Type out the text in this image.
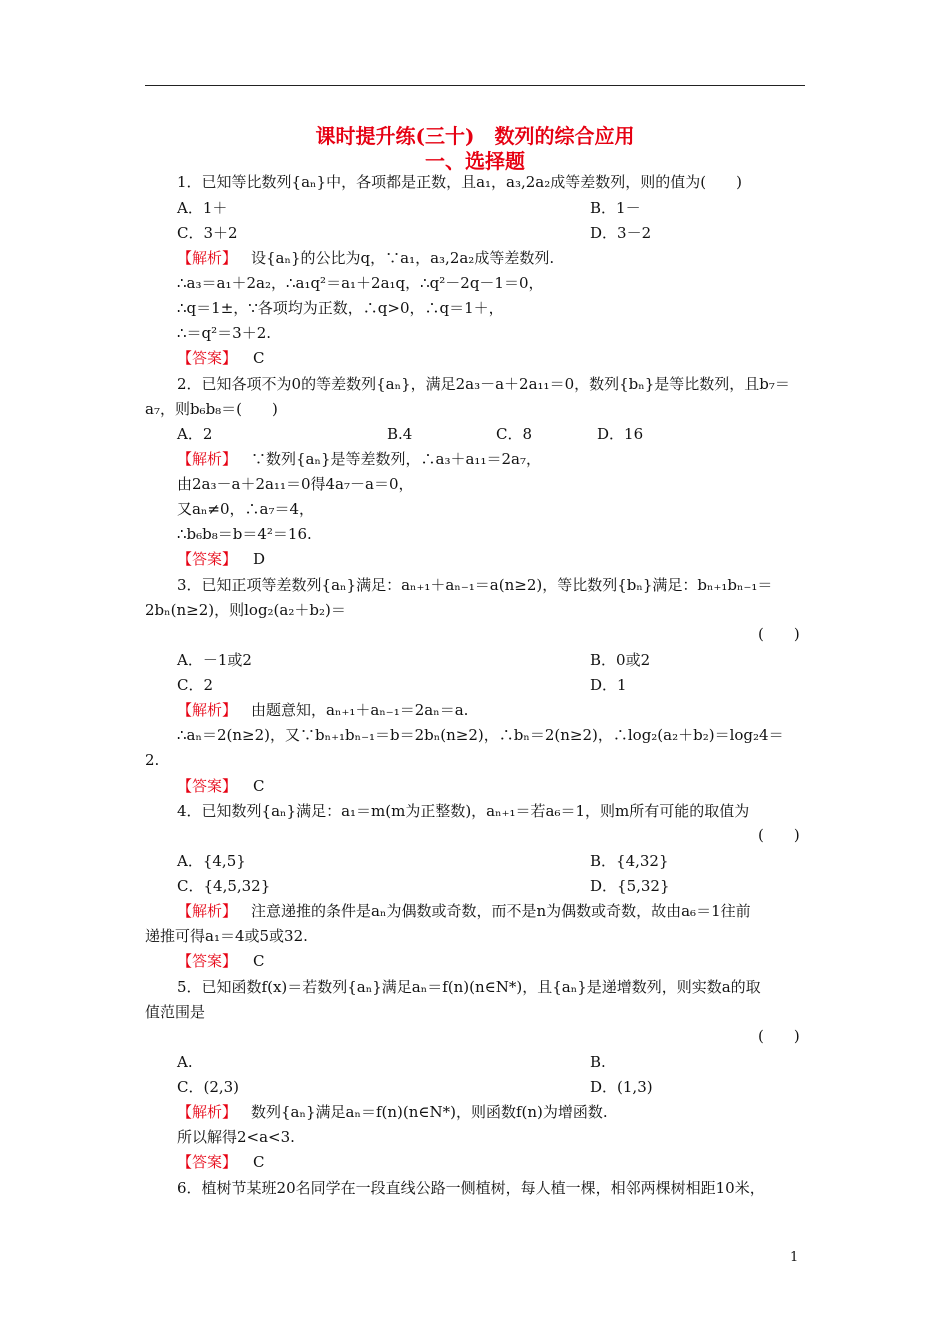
课时提升练(三十)　数列的综合应用
一、选择题
1．已知等比数列{aₙ}中，各项都是正数，且a₁，a₃,2a₂成等差数列，则的值为(　　)
A．1＋	B．1－
C．3＋2	D．3－2
【解析】 设{aₙ}的公比为q，∵a₁，a₃,2a₂成等差数列.
∴a₃＝a₁＋2a₂，∴a₁q²＝a₁＋2a₁q，∴q²－2q－1＝0，
∴q＝1±，∵各项均为正数，∴q>0，∴q＝1＋，
∴＝q²＝3＋2.
【答案】 C
2．已知各项不为0的等差数列{aₙ}，满足2a₃－a＋2a₁₁＝0，数列{bₙ}是等比数列，且b₇＝
a₇，则b₆b₈＝(　　)
A．2	B.4	C．8	D．16
【解析】 ∵数列{aₙ}是等差数列，∴a₃＋a₁₁＝2a₇，
由2a₃－a＋2a₁₁＝0得4a₇－a＝0，
又aₙ≠0，∴a₇＝4，
∴b₆b₈＝b＝4²＝16.
【答案】 D
3．已知正项等差数列{aₙ}满足：aₙ₊₁＋aₙ₋₁＝a(n≥2)，等比数列{bₙ}满足：bₙ₊₁bₙ₋₁＝
2bₙ(n≥2)，则log₂(a₂＋b₂)＝
(　　)
A．－1或2	B．0或2
C．2	D．1
【解析】 由题意知，aₙ₊₁＋aₙ₋₁＝2aₙ＝a.
∴aₙ＝2(n≥2)，又∵bₙ₊₁bₙ₋₁＝b＝2bₙ(n≥2)，∴bₙ＝2(n≥2)，∴log₂(a₂＋b₂)＝log₂4＝
2.
【答案】 C
4．已知数列{aₙ}满足：a₁＝m(m为正整数)，aₙ₊₁＝若a₆＝1，则m所有可能的取值为
(　　)
A．{4,5}	B．{4,32}
C．{4,5,32}	D．{5,32}
【解析】 注意递推的条件是aₙ为偶数或奇数，而不是n为偶数或奇数，故由a₆＝1往前
递推可得a₁＝4或5或32.
【答案】 C
5．已知函数f(x)＝若数列{aₙ}满足aₙ＝f(n)(n∈N*)，且{aₙ}是递增数列，则实数a的取
值范围是
(　　)
A.	B.
C．(2,3)	D．(1,3)
【解析】 数列{aₙ}满足aₙ＝f(n)(n∈N*)，则函数f(n)为增函数.
所以解得2<a<3.
【答案】 C
6．植树节某班20名同学在一段直线公路一侧植树，每人植一棵，相邻两棵树相距10米，
1
